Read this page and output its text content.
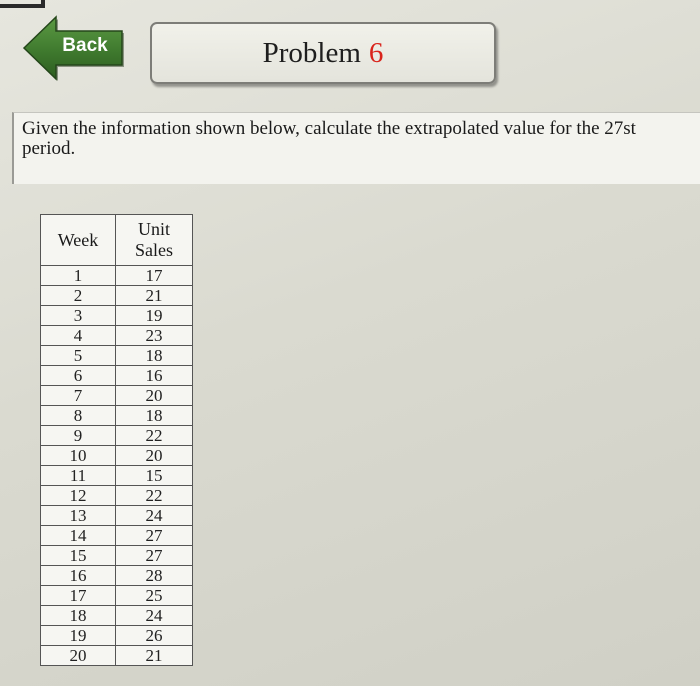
Back	Problem 6
Given the information shown below, calculate the extrapolated value for the 27st period.
Week	Unit
Sales
1	17
2	21
3	19
4	23
5	18
6	16
7	20
8	18
9	22
10	20
11	15
12	22
13	24
14	27
15	27
16	28
17	25
18	24
19	26
20	21
